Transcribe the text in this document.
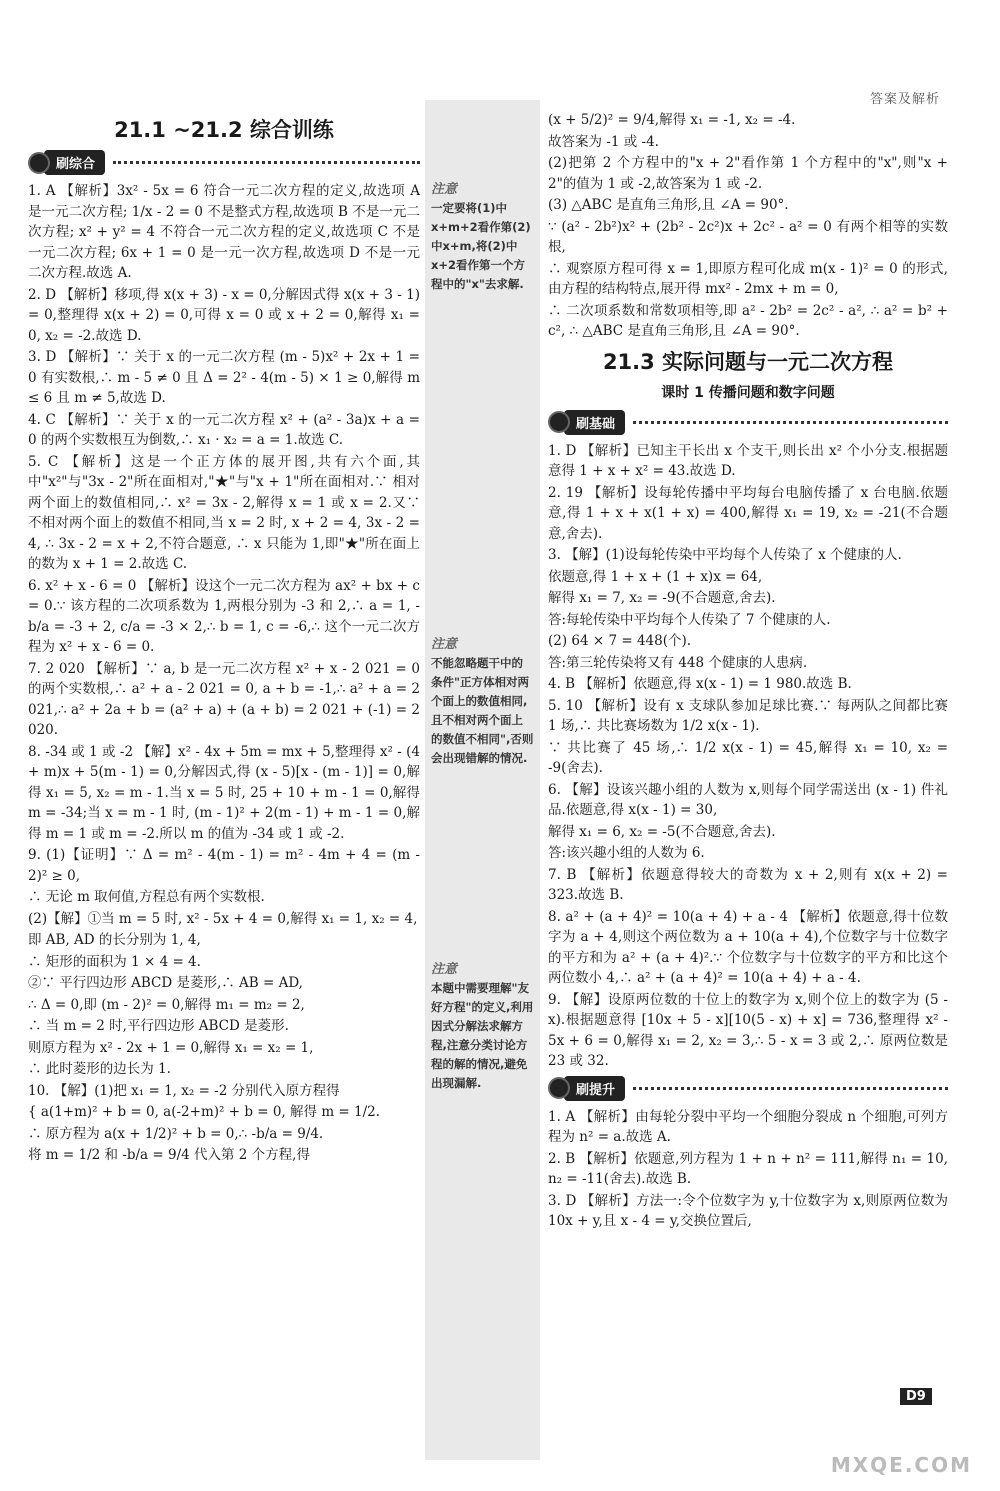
答案及解析
21.1 ~21.2 综合训练
刷综合
1. A 【解析】3x² - 5x = 6 符合一元二次方程的定义,故选项 A 是一元二次方程; 1/x - 2 = 0 不是整式方程,故选项 B 不是一元二次方程; x² + y² = 4 不符合一元二次方程的定义,故选项 C 不是一元二次方程; 6x + 1 = 0 是一元一次方程,故选项 D 不是一元二次方程.故选 A.
2. D 【解析】移项,得 x(x + 3) - x = 0,分解因式得 x(x + 3 - 1) = 0,整理得 x(x + 2) = 0,可得 x = 0 或 x + 2 = 0,解得 x₁ = 0, x₂ = -2.故选 D.
3. D 【解析】∵ 关于 x 的一元二次方程 (m - 5)x² + 2x + 1 = 0 有实数根,∴ m - 5 ≠ 0 且 Δ = 2² - 4(m - 5) × 1 ≥ 0,解得 m ≤ 6 且 m ≠ 5,故选 D.
4. C 【解析】∵ 关于 x 的一元二次方程 x² + (a² - 3a)x + a = 0 的两个实数根互为倒数,∴ x₁ · x₂ = a = 1.故选 C.
5. C 【解析】这是一个正方体的展开图,共有六个面,其中"x²"与"3x - 2"所在面相对,"★"与"x + 1"所在面相对.∵ 相对两个面上的数值相同,∴ x² = 3x - 2,解得 x = 1 或 x = 2.又∵ 不相对两个面上的数值不相同,当 x = 2 时, x + 2 = 4, 3x - 2 = 4, ∴ 3x - 2 = x + 2,不符合题意, ∴ x 只能为 1,即"★"所在面上的数为 x + 1 = 2.故选 C.
6. x² + x - 6 = 0 【解析】设这个一元二次方程为 ax² + bx + c = 0.∵ 该方程的二次项系数为 1,两根分别为 -3 和 2,∴ a = 1, -b/a = -3 + 2, c/a = -3 × 2,∴ b = 1, c = -6,∴ 这个一元二次方程为 x² + x - 6 = 0.
7. 2 020 【解析】∵ a, b 是一元二次方程 x² + x - 2 021 = 0 的两个实数根,∴ a² + a - 2 021 = 0, a + b = -1,∴ a² + a = 2 021,∴ a² + 2a + b = (a² + a) + (a + b) = 2 021 + (-1) = 2 020.
8. -34 或 1 或 -2 【解】x² - 4x + 5m = mx + 5,整理得 x² - (4 + m)x + 5(m - 1) = 0,分解因式,得 (x - 5)[x - (m - 1)] = 0,解得 x₁ = 5, x₂ = m - 1.当 x = 5 时, 25 + 10 + m - 1 = 0,解得 m = -34;当 x = m - 1 时, (m - 1)² + 2(m - 1) + m - 1 = 0,解得 m = 1 或 m = -2.所以 m 的值为 -34 或 1 或 -2.
9. (1)【证明】∵ Δ = m² - 4(m - 1) = m² - 4m + 4 = (m - 2)² ≥ 0,
∴ 无论 m 取何值,方程总有两个实数根.
(2)【解】①当 m = 5 时, x² - 5x + 4 = 0,解得 x₁ = 1, x₂ = 4,
即 AB, AD 的长分别为 1, 4,
∴ 矩形的面积为 1 × 4 = 4.
②∵ 平行四边形 ABCD 是菱形,∴ AB = AD,
∴ Δ = 0,即 (m - 2)² = 0,解得 m₁ = m₂ = 2,
∴ 当 m = 2 时,平行四边形 ABCD 是菱形.
则原方程为 x² - 2x + 1 = 0,解得 x₁ = x₂ = 1,
∴ 此时菱形的边长为 1.
10. 【解】(1)把 x₁ = 1, x₂ = -2 分别代入原方程得
{ a(1+m)² + b = 0, a(-2+m)² + b = 0, 解得 m = 1/2.
∴ 原方程为 a(x + 1/2)² + b = 0,∴ -b/a = 9/4.
将 m = 1/2 和 -b/a = 9/4 代入第 2 个方程,得
注意
一定要将(1)中x+m+2看作第(2)中x+m,将(2)中x+2看作第一个方程中的"x"去求解.
注意
不能忽略题干中的条件"正方体相对两个面上的数值相同,且不相对两个面上的数值不相同",否则会出现错解的情况.
注意
本题中需要理解"友好方程"的定义,利用因式分解法求解方程,注意分类讨论方程的解的情况,避免出现漏解.
(x + 5/2)² = 9/4,解得 x₁ = -1, x₂ = -4.
故答案为 -1 或 -4.
(2)把第 2 个方程中的"x + 2"看作第 1 个方程中的"x",则"x + 2"的值为 1 或 -2,故答案为 1 或 -2.
(3) △ABC 是直角三角形,且 ∠A = 90°.
∵ (a² - 2b²)x² + (2b² - 2c²)x + 2c² - a² = 0 有两个相等的实数根,
∴ 观察原方程可得 x = 1,即原方程可化成 m(x - 1)² = 0 的形式,由方程的结构特点,展开得 mx² - 2mx + m = 0,
∴ 二次项系数和常数项相等,即 a² - 2b² = 2c² - a², ∴ a² = b² + c², ∴ △ABC 是直角三角形,且 ∠A = 90°.
21.3 实际问题与一元二次方程
课时 1 传播问题和数字问题
刷基础
1. D 【解析】已知主干长出 x 个支干,则长出 x² 个小分支.根据题意得 1 + x + x² = 43.故选 D.
2. 19 【解析】设每轮传播中平均每台电脑传播了 x 台电脑.依题意,得 1 + x + x(1 + x) = 400,解得 x₁ = 19, x₂ = -21(不合题意,舍去).
3. 【解】(1)设每轮传染中平均每个人传染了 x 个健康的人.
依题意,得 1 + x + (1 + x)x = 64,
解得 x₁ = 7, x₂ = -9(不合题意,舍去).
答:每轮传染中平均每个人传染了 7 个健康的人.
(2) 64 × 7 = 448(个).
答:第三轮传染将又有 448 个健康的人患病.
4. B 【解析】依题意,得 x(x - 1) = 1 980.故选 B.
5. 10 【解析】设有 x 支球队参加足球比赛.∵ 每两队之间都比赛 1 场,∴ 共比赛场数为 1/2 x(x - 1).
∵ 共比赛了 45 场,∴ 1/2 x(x - 1) = 45,解得 x₁ = 10, x₂ = -9(舍去).
6. 【解】设该兴趣小组的人数为 x,则每个同学需送出 (x - 1) 件礼品.依题意,得 x(x - 1) = 30,
解得 x₁ = 6, x₂ = -5(不合题意,舍去).
答:该兴趣小组的人数为 6.
7. B 【解析】依题意得较大的奇数为 x + 2,则有 x(x + 2) = 323.故选 B.
8. a² + (a + 4)² = 10(a + 4) + a - 4 【解析】依题意,得十位数字为 a + 4,则这个两位数为 a + 10(a + 4),个位数字与十位数字的平方和为 a² + (a + 4)².∵ 个位数字与十位数字的平方和比这个两位数小 4,∴ a² + (a + 4)² = 10(a + 4) + a - 4.
9. 【解】设原两位数的十位上的数字为 x,则个位上的数字为 (5 - x).根据题意得 [10x + 5 - x][10(5 - x) + x] = 736,整理得 x² - 5x + 6 = 0,解得 x₁ = 2, x₂ = 3,∴ 5 - x = 3 或 2,∴ 原两位数是 23 或 32.
刷提升
1. A 【解析】由每轮分裂中平均一个细胞分裂成 n 个细胞,可列方程为 n² = a.故选 A.
2. B 【解析】依题意,列方程为 1 + n + n² = 111,解得 n₁ = 10, n₂ = -11(舍去).故选 B.
3. D 【解析】方法一:令个位数字为 y,十位数字为 x,则原两位数为 10x + y,且 x - 4 = y,交换位置后,
D9
MXQE.COM
